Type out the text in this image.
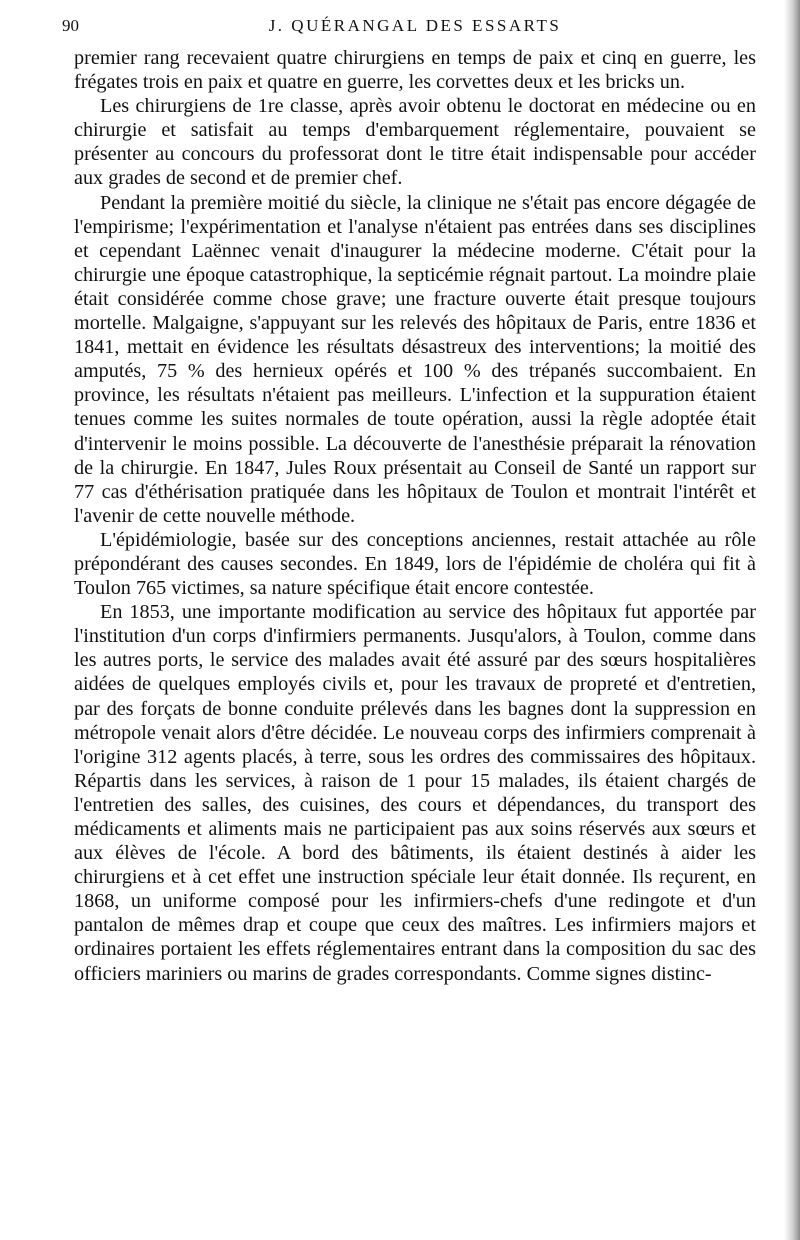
90	J. QUÉRANGAL DES ESSARTS

premier rang recevaient quatre chirurgiens en temps de paix et cinq en guerre, les frégates trois en paix et quatre en guerre, les corvettes deux et les bricks un.

Les chirurgiens de 1re classe, après avoir obtenu le doctorat en médecine ou en chirurgie et satisfait au temps d'embarquement réglementaire, pouvaient se présenter au concours du professorat dont le titre était indispensable pour accéder aux grades de second et de premier chef.

Pendant la première moitié du siècle, la clinique ne s'était pas encore dégagée de l'empirisme; l'expérimentation et l'analyse n'étaient pas entrées dans ses disciplines et cependant Laënnec venait d'inaugurer la médecine moderne. C'était pour la chirurgie une époque catastrophique, la septicémie régnait partout. La moindre plaie était considérée comme chose grave; une fracture ouverte était presque toujours mortelle. Malgaigne, s'appuyant sur les relevés des hôpitaux de Paris, entre 1836 et 1841, mettait en évidence les résultats désastreux des interventions; la moitié des amputés, 75 % des hernieux opérés et 100 % des trépanés succombaient. En province, les résultats n'étaient pas meilleurs. L'infection et la suppuration étaient tenues comme les suites normales de toute opération, aussi la règle adoptée était d'intervenir le moins possible. La découverte de l'anesthésie préparait la rénovation de la chirurgie. En 1847, Jules Roux présentait au Conseil de Santé un rapport sur 77 cas d'éthérisation pratiquée dans les hôpitaux de Toulon et montrait l'intérêt et l'avenir de cette nouvelle méthode.

L'épidémiologie, basée sur des conceptions anciennes, restait attachée au rôle prépondérant des causes secondes. En 1849, lors de l'épidémie de choléra qui fit à Toulon 765 victimes, sa nature spécifique était encore contestée.

En 1853, une importante modification au service des hôpitaux fut apportée par l'institution d'un corps d'infirmiers permanents. Jusqu'alors, à Toulon, comme dans les autres ports, le service des malades avait été assuré par des sœurs hospitalières aidées de quelques employés civils et, pour les travaux de propreté et d'entretien, par des forçats de bonne conduite prélevés dans les bagnes dont la suppression en métropole venait alors d'être décidée. Le nouveau corps des infirmiers comprenait à l'origine 312 agents placés, à terre, sous les ordres des commissaires des hôpitaux. Répartis dans les services, à raison de 1 pour 15 malades, ils étaient chargés de l'entretien des salles, des cuisines, des cours et dépendances, du transport des médicaments et aliments mais ne participaient pas aux soins réservés aux sœurs et aux élèves de l'école. A bord des bâtiments, ils étaient destinés à aider les chirurgiens et à cet effet une instruction spéciale leur était donnée. Ils reçurent, en 1868, un uniforme composé pour les infirmiers-chefs d'une redingote et d'un pantalon de mêmes drap et coupe que ceux des maîtres. Les infirmiers majors et ordinaires portaient les effets réglementaires entrant dans la composition du sac des officiers mariniers ou marins de grades correspondants. Comme signes distinc-
